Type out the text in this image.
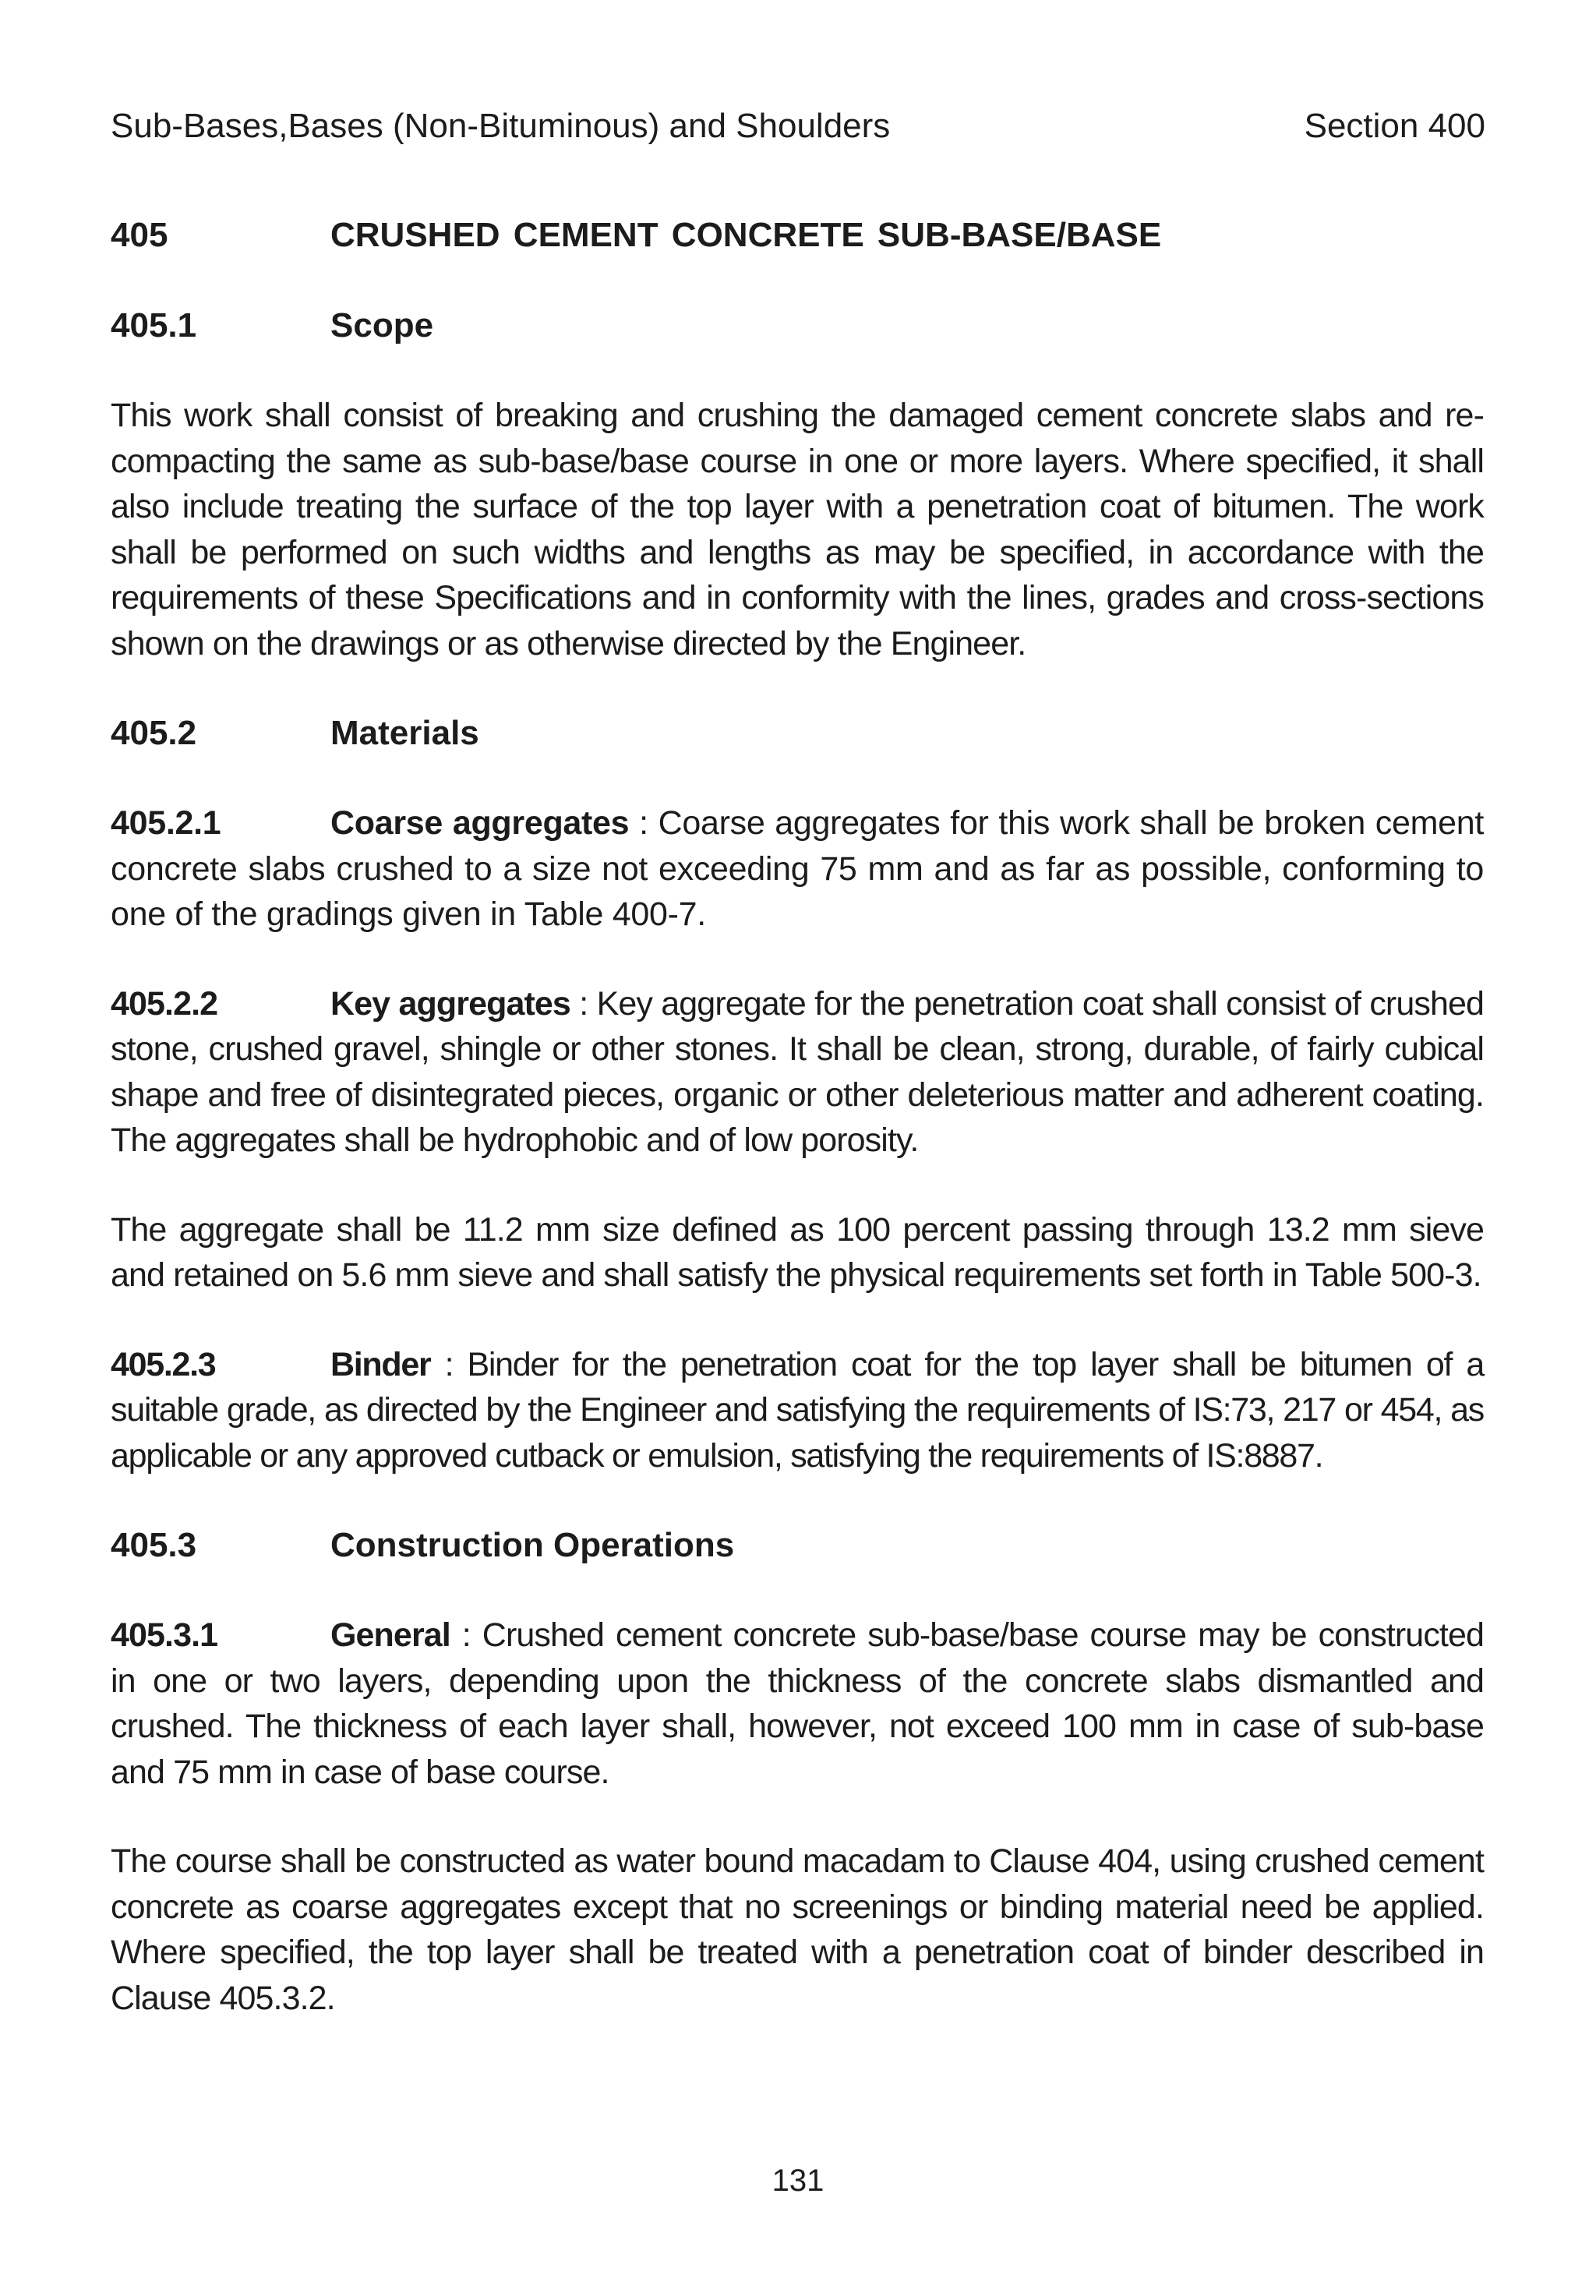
Sub-Bases,Bases (Non-Bituminous) and Shoulders	Section 400
405	CRUSHED CEMENT CONCRETE SUB-BASE/BASE
405.1	Scope

This work shall consist of breaking and crushing the damaged cement concrete slabs and re-compacting the same as sub-base/base course in one or more layers. Where specified, it shall also include treating the surface of the top layer with a penetration coat of bitumen. The work shall be performed on such widths and lengths as may be specified, in accordance with the requirements of these Specifications and in conformity with the lines, grades and cross-sections shown on the drawings or as otherwise directed by the Engineer.

405.2	Materials

405.2.1	Coarse aggregates : Coarse aggregates for this work shall be broken cement concrete slabs crushed to a size not exceeding 75 mm and as far as possible, conforming to one of the gradings given in Table 400-7.

405.2.2	Key aggregates : Key aggregate for the penetration coat shall consist of crushed stone, crushed gravel, shingle or other stones. It shall be clean, strong, durable, of fairly cubical shape and free of disintegrated pieces, organic or other deleterious matter and adherent coating. The aggregates shall be hydrophobic and of low porosity.

The aggregate shall be 11.2 mm size defined as 100 percent passing through 13.2 mm sieve and retained on 5.6 mm sieve and shall satisfy the physical requirements set forth in Table 500-3.

405.2.3	Binder : Binder for the penetration coat for the top layer shall be bitumen of a suitable grade, as directed by the Engineer and satisfying the requirements of IS:73, 217 or 454, as applicable or any approved cutback or emulsion, satisfying the requirements of IS:8887.

405.3	Construction Operations

405.3.1	General : Crushed cement concrete sub-base/base course may be constructed in one or two layers, depending upon the thickness of the concrete slabs dismantled and crushed. The thickness of each layer shall, however, not exceed 100 mm in case of sub-base and 75 mm in case of base course.

The course shall be constructed as water bound macadam to Clause 404, using crushed cement concrete as coarse aggregates except that no screenings or binding material need be applied. Where specified, the top layer shall be treated with a penetration coat of binder described in Clause 405.3.2.

131
